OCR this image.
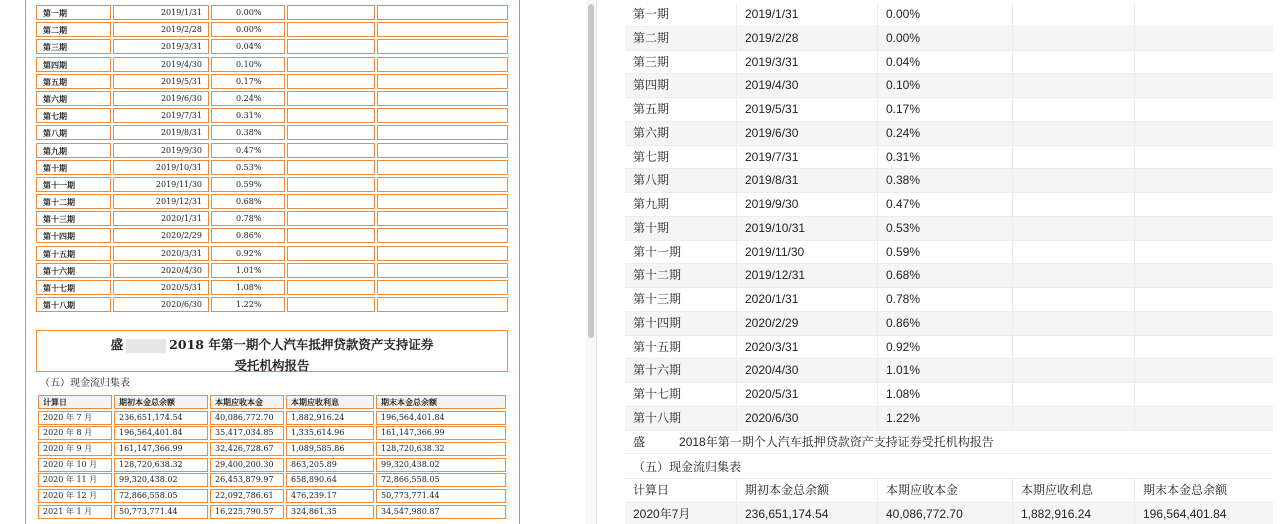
第一期	2019/1/31	0.00%
第二期	2019/2/28	0.00%
第三期	2019/3/31	0.04%
第四期	2019/4/30	0.10%
第五期	2019/5/31	0.17%
第六期	2019/6/30	0.24%
第七期	2019/7/31	0.31%
第八期	2019/8/31	0.38%
第九期	2019/9/30	0.47%
第十期	2019/10/31	0.53%
第十一期	2019/11/30	0.59%
第十二期	2019/12/31	0.68%
第十三期	2020/1/31	0.78%
第十四期	2020/2/29	0.86%
第十五期	2020/3/31	0.92%
第十六期	2020/4/30	1.01%
第十七期	2020/5/31	1.08%
第十八期	2020/6/30	1.22%
盛	2018 年第一期个人汽车抵押贷款资产支持证券
受托机构报告
（五）现金流归集表
计算日	期初本金总余额	本期应收本金	本期应收利息	期末本金总余额
2020 年 7 月	236,651,174.54	40,086,772.70	1,882,916.24	196,564,401.84
2020 年 8 月	196,564,401.84	35,417,034.85	1,335,614.96	161,147,366.99
2020 年 9 月	161,147,366.99	32,426,728.67	1,089,585.86	128,720,638.32
2020 年 10 月	128,720,638.32	29,400,200.30	863,205.89	99,320,438.02
2020 年 11 月	99,320,438.02	26,453,879.97	658,890.64	72,866,558.05
2020 年 12 月	72,866,558.05	22,092,786.61	476,239.17	50,773,771.44
2021 年 1 月	50,773,771.44	16,225,790.57	324,861.35	34,547,980.87
第一期	2019/1/31	0.00%
第二期	2019/2/28	0.00%
第三期	2019/3/31	0.04%
第四期	2019/4/30	0.10%
第五期	2019/5/31	0.17%
第六期	2019/6/30	0.24%
第七期	2019/7/31	0.31%
第八期	2019/8/31	0.38%
第九期	2019/9/30	0.47%
第十期	2019/10/31	0.53%
第十一期	2019/11/30	0.59%
第十二期	2019/12/31	0.68%
第十三期	2020/1/31	0.78%
第十四期	2020/2/29	0.86%
第十五期	2020/3/31	0.92%
第十六期	2020/4/30	1.01%
第十七期	2020/5/31	1.08%
第十八期	2020/6/30	1.22%
盛	2018年第一期个人汽车抵押贷款资产支持证券受托机构报告
（五）现金流归集表
计算日	期初本金总余额	本期应收本金	本期应收利息	期末本金总余额
2020年7月	236,651,174.54	40,086,772.70	1,882,916.24	196,564,401.84
